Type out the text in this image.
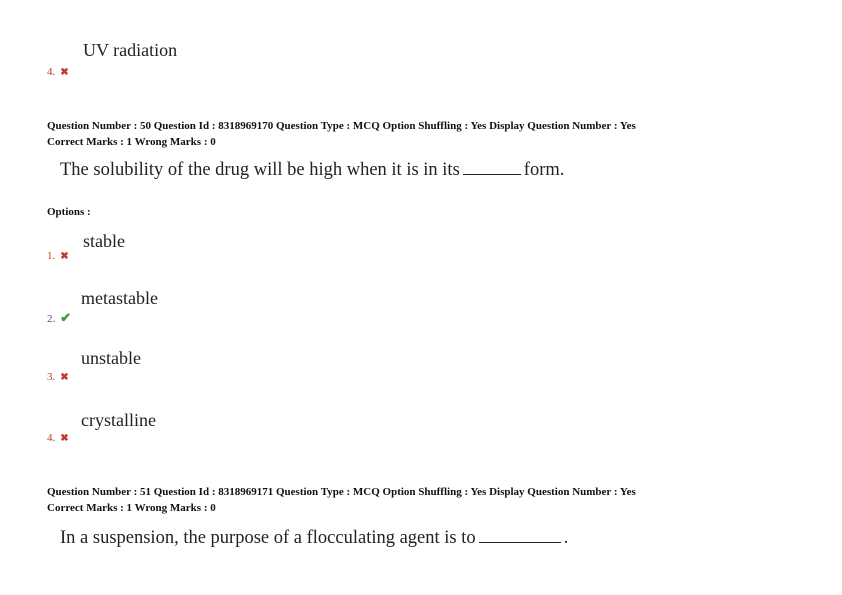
UV radiation
4. ✖
Question Number : 50 Question Id : 8318969170 Question Type : MCQ Option Shuffling : Yes Display Question Number : Yes
Correct Marks : 1 Wrong Marks : 0
The solubility of the drug will be high when it is in its	form.
Options :
stable
1. ✖
metastable
2. ✔
unstable
3. ✖
crystalline
4. ✖
Question Number : 51 Question Id : 8318969171 Question Type : MCQ Option Shuffling : Yes Display Question Number : Yes
Correct Marks : 1 Wrong Marks : 0
In a suspension, the purpose of a flocculating agent is to	.
